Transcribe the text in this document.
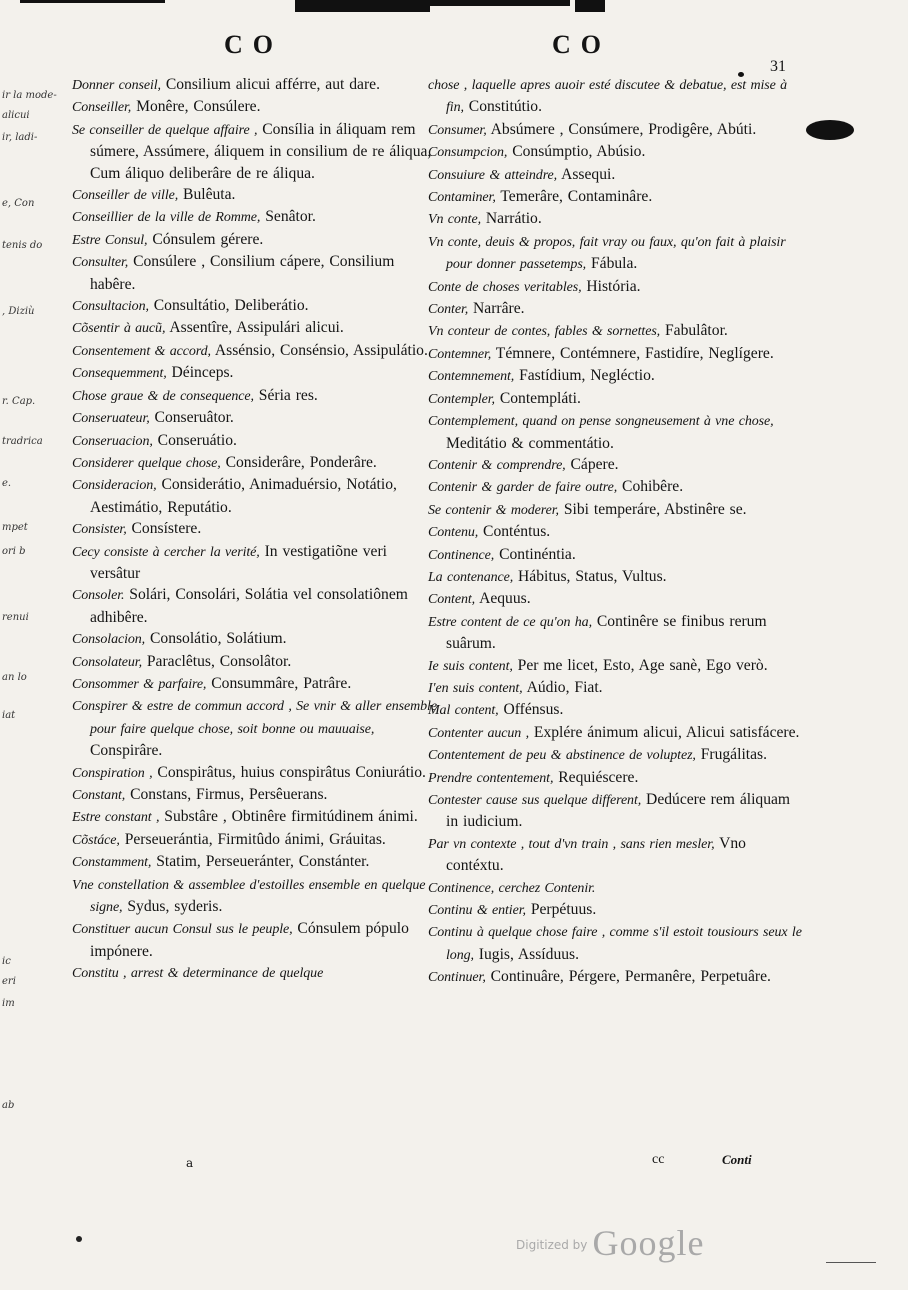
ir la mode-
alicui
ir, ladi-
e, Con
tenis do
, Diziù
r. Cap.
tradrica
e.
mpet
ori b
renui
an lo
iat
ic
eri
im
ab
CO	CO
31

Donner conseil, Consilium alicui afférre, aut dare.

Conseiller, Monêre, Consúlere.

Se conseiller de quelque affaire , Consília in áliquam rem súmere, Assúmere, áliquem in consilium de re áliqua, Cum áliquo deliberâre de re áliqua.

Conseiller de ville, Bulêuta.

Conseillier de la ville de Romme, Senâtor.

Estre Consul, Cónsulem gérere.

Consulter, Consúlere , Consilium cápere, Consilium habêre.

Consultacion, Consultátio, Deliberátio.

Cõsentir à aucũ, Assentîre, Assipulári alicui.

Consentement & accord, Assénsio, Consénsio, Assipulátio.

Consequemment, Déinceps.

Chose graue & de consequence, Séria res.

Conseruateur, Conseruâtor.

Conseruacion, Conseruátio.

Considerer quelque chose, Considerâre, Ponderâre.

Consideracion, Considerátio, Animaduérsio, Notátio, Aestimátio, Reputátio.

Consister, Consístere.

Cecy consiste à cercher la verité, In vestigatiõne veri versâtur

Consoler. Solári, Consolári, Solátia vel consolatiônem adhibêre.

Consolacion, Consolátio, Solátium.

Consolateur, Paraclêtus, Consolâtor.

Consommer & parfaire, Consummâre, Patrâre.

Conspirer & estre de commun accord , Se vnir & aller ensemble pour faire quelque chose, soit bonne ou mauuaise, Conspirâre.

Conspiration , Conspirâtus, huius conspirâtus Coniurátio.

Constant, Constans, Firmus, Persêuerans.

Estre constant , Substâre , Obtinêre firmitúdinem ánimi.

Cõstáce, Perseuerántia, Firmitûdo ánimi, Gráuitas.

Constamment, Statim, Perseueránter, Constánter.

Vne constellation & assemblee d'estoilles ensemble en quelque signe, Sydus, syderis.

Constituer aucun Consul sus le peuple, Cónsulem pópulo impónere.

Constitu , arrest & determinance de quelque

chose , laquelle apres auoir esté discutee & debatue, est mise à fin, Constitútio.

Consumer, Absúmere , Consúmere, Prodigêre, Abúti.

Consumpcion, Consúmptio, Abúsio.

Consuiure & atteindre, Assequi.

Contaminer, Temerâre, Contaminâre.

Vn conte, Narrátio.

Vn conte, deuis & propos, fait vray ou faux, qu'on fait à plaisir pour donner passetemps, Fábula.

Conte de choses veritables, História.

Conter, Narrâre.

Vn conteur de contes, fables & sornettes, Fabulâtor.

Contemner, Témnere, Contémnere, Fastidíre, Neglígere.

Contemnement, Fastídium, Negléctio.

Contempler, Contempláti.

Contemplement, quand on pense songneusement à vne chose, Meditátio & commentátio.

Contenir & comprendre, Cápere.

Contenir & garder de faire outre, Cohibêre.

Se contenir & moderer, Sibi temperáre, Abstinêre se.

Contenu, Conténtus.

Continence, Continéntia.

La contenance, Hábitus, Status, Vultus.

Content, Aequus.

Estre content de ce qu'on ha, Continêre se finibus rerum suârum.

Ie suis content, Per me licet, Esto, Age sanè, Ego verò.

I'en suis content, Aúdio, Fiat.

Mal content, Offénsus.

Contenter aucun , Explére ánimum alicui, Alicui satisfácere.

Contentement de peu & abstinence de voluptez, Frugálitas.

Prendre contentement, Requiéscere.

Contester cause sus quelque different, Dedúcere rem áliquam in iudicium.

Par vn contexte , tout d'vn train , sans rien mesler, Vno contéxtu.

Continence, cerchez Contenir.

Continu & entier, Perpétuus.

Continu à quelque chose faire , comme s'il estoit tousiours seux le long, Iugis, Assíduus.

Continuer, Continuâre, Pérgere, Permanêre, Perpetuâre.

a	cc	Conti
$^{Digitized by}$ Google
